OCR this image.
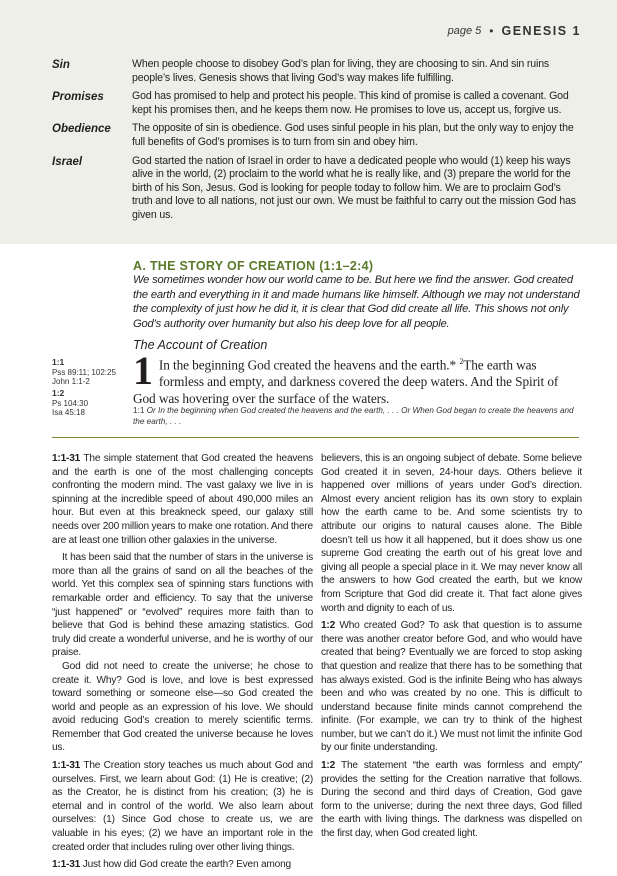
page 5 • GENESIS 1
Sin	When people choose to disobey God’s plan for living, they are choosing to sin. And sin ruins people’s lives. Genesis shows that living God’s way makes life fulfilling.
Promises	God has promised to help and protect his people. This kind of promise is called a covenant. God kept his promises then, and he keeps them now. He promises to love us, accept us, forgive us.
Obedience	The opposite of sin is obedience. God uses sinful people in his plan, but the only way to enjoy the full benefits of God’s promises is to turn from sin and obey him.
Israel	God started the nation of Israel in order to have a dedicated people who would (1) keep his ways alive in the world, (2) proclaim to the world what he is really like, and (3) prepare the world for the birth of his Son, Jesus. God is looking for people today to follow him. We are to proclaim God’s truth and love to all nations, not just our own. We must be faithful to carry out the mission God has given us.
A. THE STORY OF CREATION (1:1–2:4)
We sometimes wonder how our world came to be. But here we find the answer. God created the earth and everything in it and made humans like himself. Although we may not understand the complexity of just how he did it, it is clear that God did create all life. This shows not only God’s authority over humanity but also his deep love for all people.
The Account of Creation
1:1
Pss 89:11; 102:25
John 1:1-2
1:2
Ps 104:30
Isa 45:18
1 In the beginning God created the heavens and the earth.* $^2$The earth was formless and empty, and darkness covered the deep waters. And the Spirit of God was hovering over the surface of the waters.
1:1 Or In the beginning when God created the heavens and the earth, . . . Or When God began to create the heavens and the earth, . . .

1:1-31 The simple statement that God created the heavens and the earth is one of the most challenging concepts confronting the modern mind. The vast galaxy we live in is spinning at the incredible speed of about 490,000 miles an hour. But even at this breakneck speed, our galaxy still needs over 200 million years to make one rotation. And there are at least one trillion other galaxies in the universe.

It has been said that the number of stars in the universe is more than all the grains of sand on all the beaches of the world. Yet this complex sea of spinning stars functions with remarkable order and efficiency. To say that the universe “just happened” or “evolved” requires more faith than to believe that God is behind these amazing statistics. God truly did create a wonderful universe, and he is worthy of our praise.

God did not need to create the universe; he chose to create it. Why? God is love, and love is best expressed toward something or someone else—so God created the world and people as an expression of his love. We should avoid reducing God’s creation to merely scientific terms. Remember that God created the universe because he loves us.

1:1-31 The Creation story teaches us much about God and ourselves. First, we learn about God: (1) He is creative; (2) as the Creator, he is distinct from his creation; (3) he is eternal and in control of the world. We also learn about ourselves: (1) Since God chose to create us, we are valuable in his eyes; (2) we have an important role in the created order that includes ruling over other living things.

1:1-31 Just how did God create the earth? Even among

believers, this is an ongoing subject of debate. Some believe God created it in seven, 24-hour days. Others believe it happened over millions of years under God’s direction. Almost every ancient religion has its own story to explain how the earth came to be. And some scientists try to attribute our origins to natural causes alone. The Bible doesn’t tell us how it all happened, but it does show us one supreme God creating the earth out of his great love and giving all people a special place in it. We may never know all the answers to how God created the earth, but we know from Scripture that God did create it. That fact alone gives worth and dignity to each of us.

1:2 Who created God? To ask that question is to assume there was another creator before God, and who would have created that being? Eventually we are forced to stop asking that question and realize that there has to be something that has always existed. God is the infinite Being who has always been and who was created by no one. This is difficult to understand because finite minds cannot comprehend the infinite. (For example, we can try to think of the highest number, but we can’t do it.) We must not limit the infinite God by our finite understanding.

1:2 The statement “the earth was formless and empty” provides the setting for the Creation narrative that follows. During the second and third days of Creation, God gave form to the universe; during the next three days, God filled the earth with living things. The darkness was dispelled on the first day, when God created light.
